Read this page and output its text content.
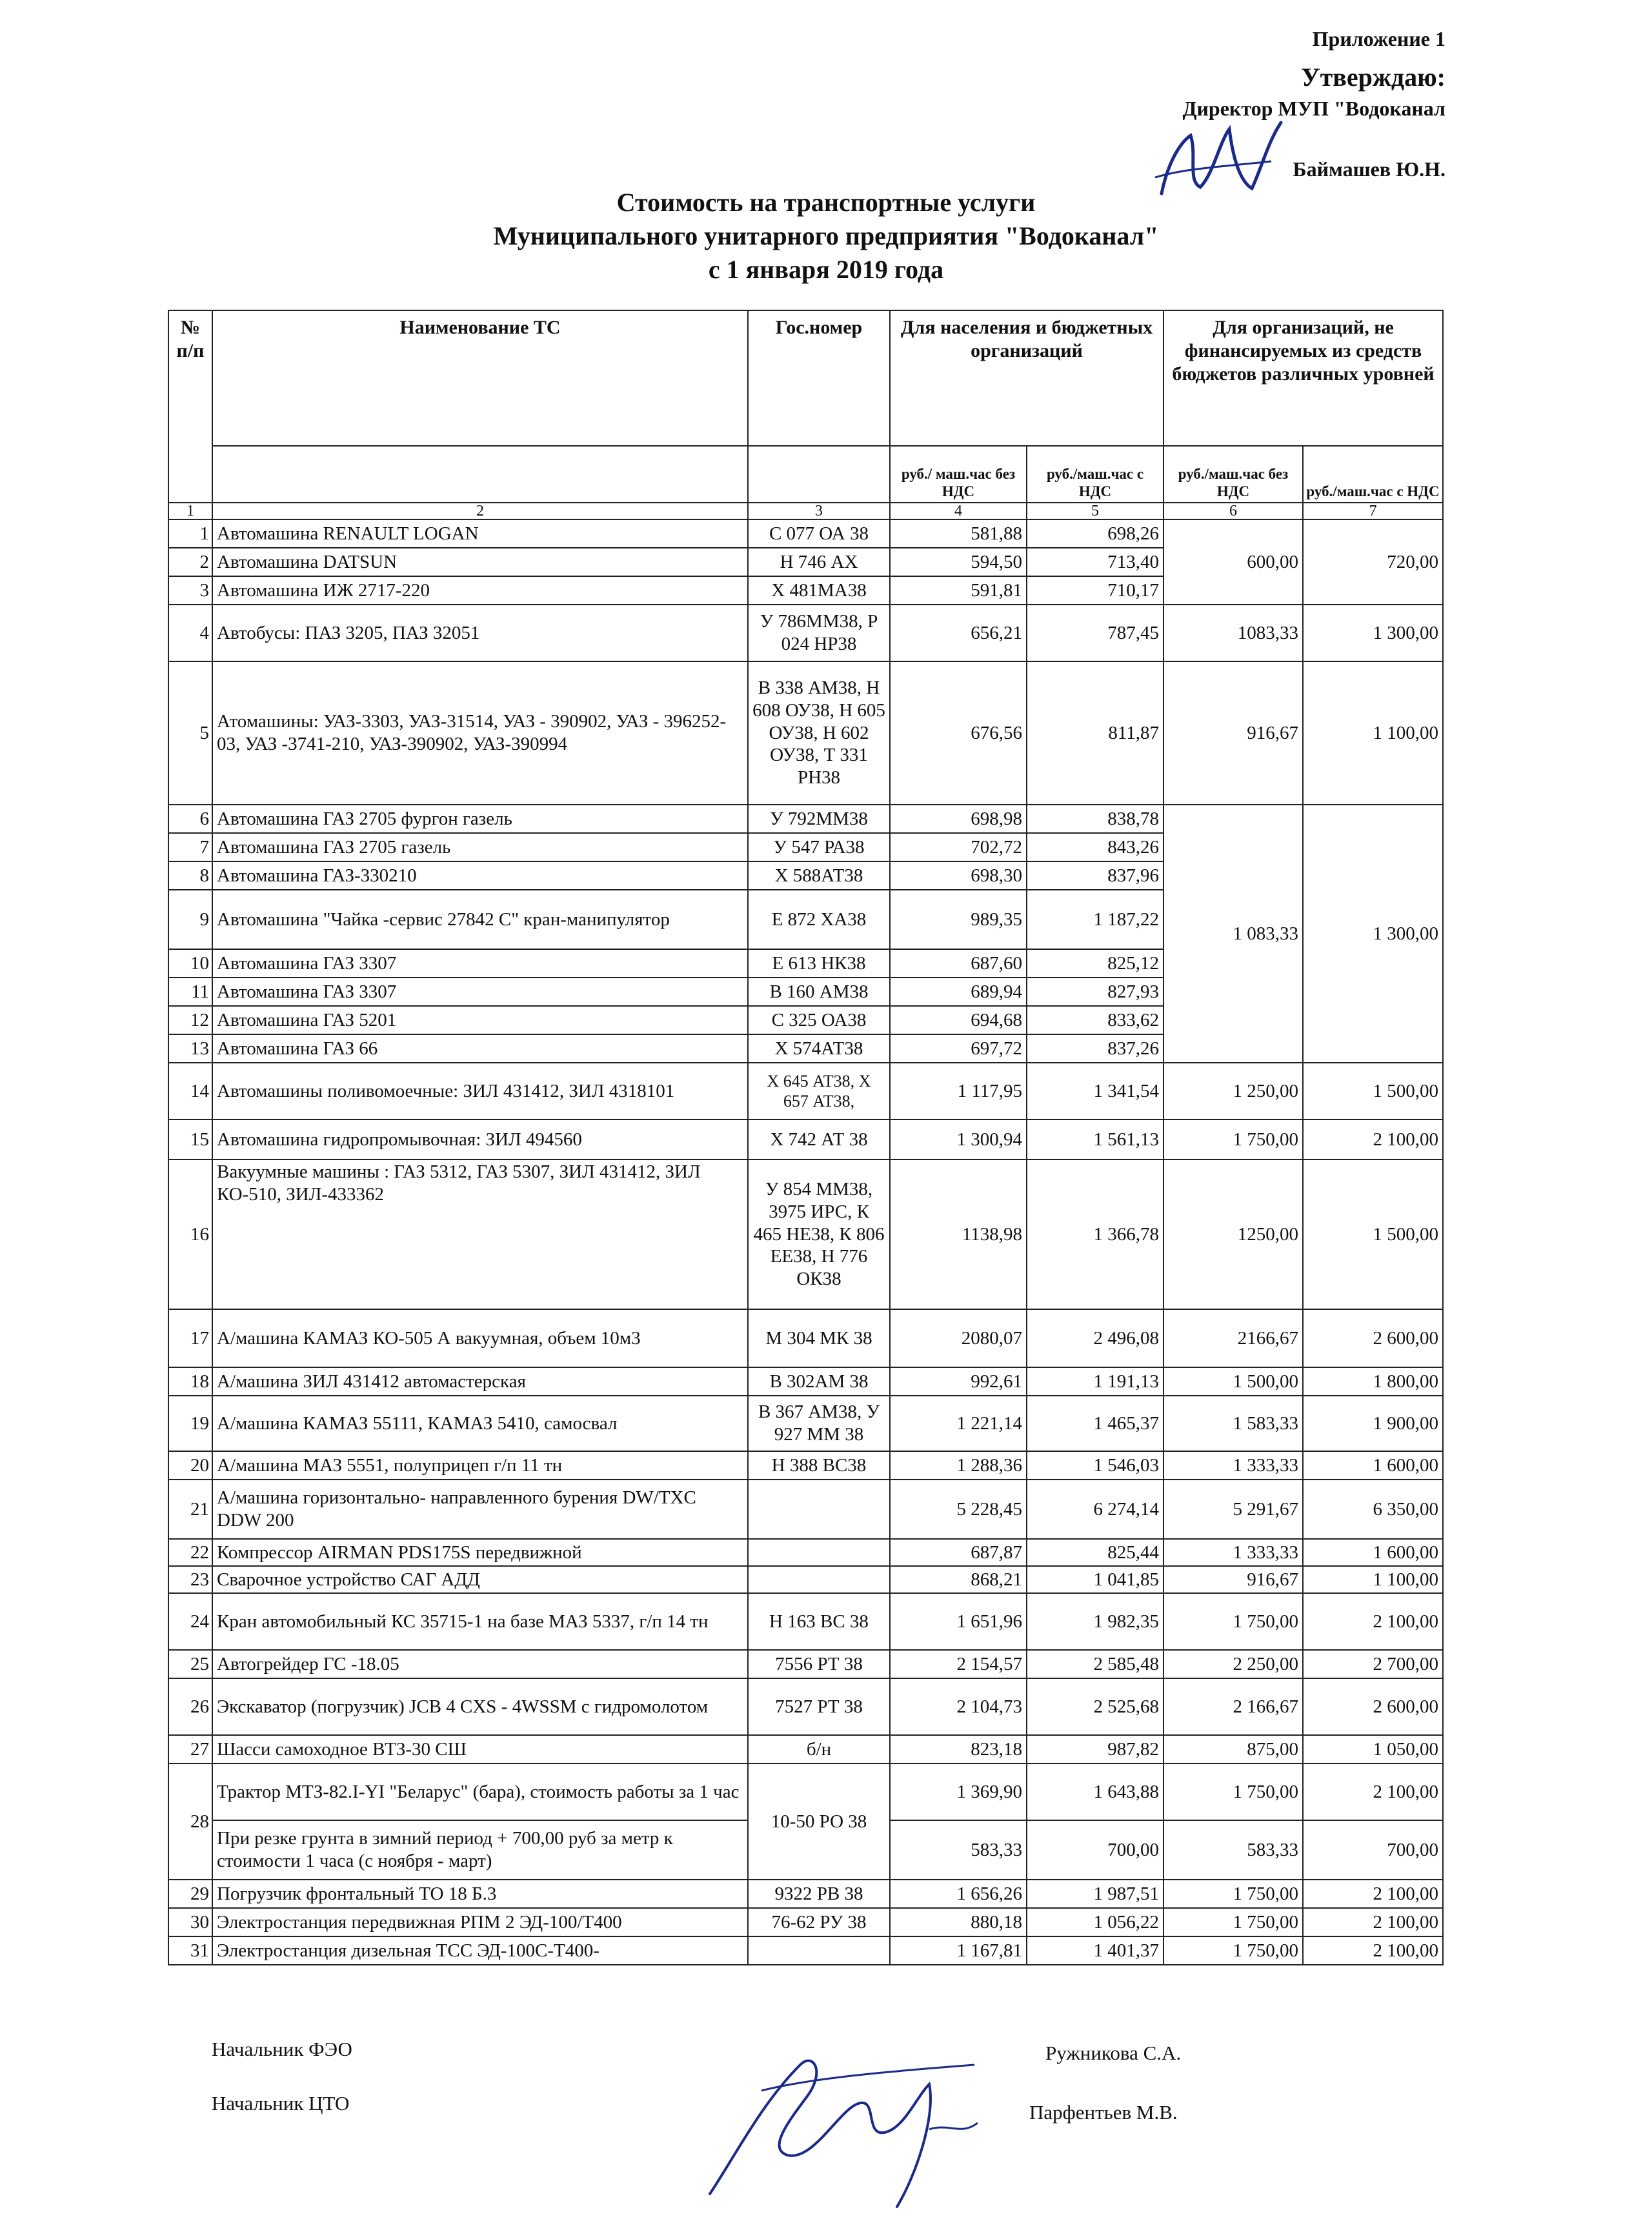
Приложение 1
Утверждаю:
Директор МУП "Водоканал
Баймашев Ю.Н.
Стоимость на транспортные услуги
Муниципального унитарного предприятия "Водоканал"
с 1 января 2019 года
№ п/п	Наименование ТС	Гос.номер	Для населения и бюджетных организаций		Для организаций, не финансируемых из средств бюджетов различных уровней	
			руб./ маш.час без НДС	руб./маш.час с НДС	руб./маш.час без НДС	руб./маш.час с НДС
1	2	3	4	5	6	7
1	Автомашина RENAULT LOGAN	С 077 ОА 38	581,88	698,26	600,00	720,00
2	Автомашина DATSUN	Н 746 АХ	594,50	713,40		
3	Автомашина ИЖ 2717-220	Х 481МА38	591,81	710,17		
4	Автобусы: ПАЗ 3205, ПАЗ 32051	У 786ММ38, Р 024 НР38	656,21	787,45	1083,33	1 300,00
5	Атомашины: УАЗ-3303, УАЗ-31514, УАЗ - 390902, УАЗ - 396252-03, УАЗ -3741-210, УАЗ-390902, УАЗ-390994	В 338 АМ38, Н 608 ОУ38, Н 605 ОУ38, Н 602 ОУ38, Т 331 РН38	676,56	811,87	916,67	1 100,00
6	Автомашина ГАЗ 2705 фургон газель	У 792ММ38	698,98	838,78	1 083,33	1 300,00
7	Автомашина ГАЗ 2705 газель	У 547 РА38	702,72	843,26		
8	Автомашина ГАЗ-330210	Х 588АТ38	698,30	837,96		
9	Автомашина "Чайка -сервис 27842 С" кран-манипулятор	Е 872 ХА38	989,35	1 187,22		
10	Автомашина ГАЗ 3307	Е 613 НК38	687,60	825,12		
11	Автомашина ГАЗ 3307	В 160 АМ38	689,94	827,93		
12	Автомашина ГАЗ 5201	С 325 ОА38	694,68	833,62		
13	Автомашина ГАЗ 66	Х 574АТ38	697,72	837,26		
14	Автомашины поливомоечные: ЗИЛ 431412, ЗИЛ 4318101	Х 645 АТ38, Х 657 АТ38,	1 117,95	1 341,54	1 250,00	1 500,00
15	Автомашина гидропромывочная: ЗИЛ 494560	Х 742 АТ 38	1 300,94	1 561,13	1 750,00	2 100,00
16	Вакуумные машины : ГАЗ 5312, ГАЗ 5307, ЗИЛ 431412, ЗИЛ КО-510, ЗИЛ-433362	У 854 ММ38, 3975 ИРС, К 465 НЕ38, К 806 ЕЕ38, Н 776 ОК38	1138,98	1 366,78	1250,00	1 500,00
17	А/машина КАМАЗ КО-505 А вакуумная, объем 10м3	М 304 МК 38	2080,07	2 496,08	2166,67	2 600,00
18	А/машина ЗИЛ 431412 автомастерская	В 302АМ 38	992,61	1 191,13	1 500,00	1 800,00
19	А/машина КАМАЗ 55111, КАМАЗ 5410, самосвал	В 367 АМ38, У 927 ММ 38	1 221,14	1 465,37	1 583,33	1 900,00
20	А/машина МАЗ 5551, полуприцеп г/п 11 тн	Н 388 ВС38	1 288,36	1 546,03	1 333,33	1 600,00
21	А/машина горизонтально- направленного бурения DW/TXC DDW 200		5 228,45	6 274,14	5 291,67	6 350,00
22	Компрессор AIRMAN PDS175S передвижной		687,87	825,44	1 333,33	1 600,00
23	Сварочное устройство САГ АДД		868,21	1 041,85	916,67	1 100,00
24	Кран автомобильный КС 35715-1 на базе МАЗ 5337, г/п 14 тн	Н 163 ВС 38	1 651,96	1 982,35	1 750,00	2 100,00
25	Автогрейдер ГС -18.05	7556 РТ 38	2 154,57	2 585,48	2 250,00	2 700,00
26	Экскаватор (погрузчик) JCB 4 CXS - 4WSSM с гидромолотом	7527 РТ 38	2 104,73	2 525,68	2 166,67	2 600,00
27	Шасси самоходное ВТЗ-30 СШ	б/н	823,18	987,82	875,00	1 050,00
28	Трактор МТЗ-82.I-YI "Беларус" (бара), стоимость работы за 1 час	10-50 РО 38	1 369,90	1 643,88	1 750,00	2 100,00
	При резке грунта в зимний период + 700,00 руб за метр к стоимости 1 часа (с ноября - март)		583,33	700,00	583,33	700,00
29	Погрузчик фронтальный ТО 18 Б.3	9322 РВ 38	1 656,26	1 987,51	1 750,00	2 100,00
30	Электростанция передвижная РПМ 2 ЭД-100/Т400	76-62 РУ 38	880,18	1 056,22	1 750,00	2 100,00
31	Электростанция дизельная ТСС ЭД-100С-Т400-		1 167,81	1 401,37	1 750,00	2 100,00
Начальник ФЭО	Ружникова С.А.
Начальник ЦТО	Парфентьев М.В.
